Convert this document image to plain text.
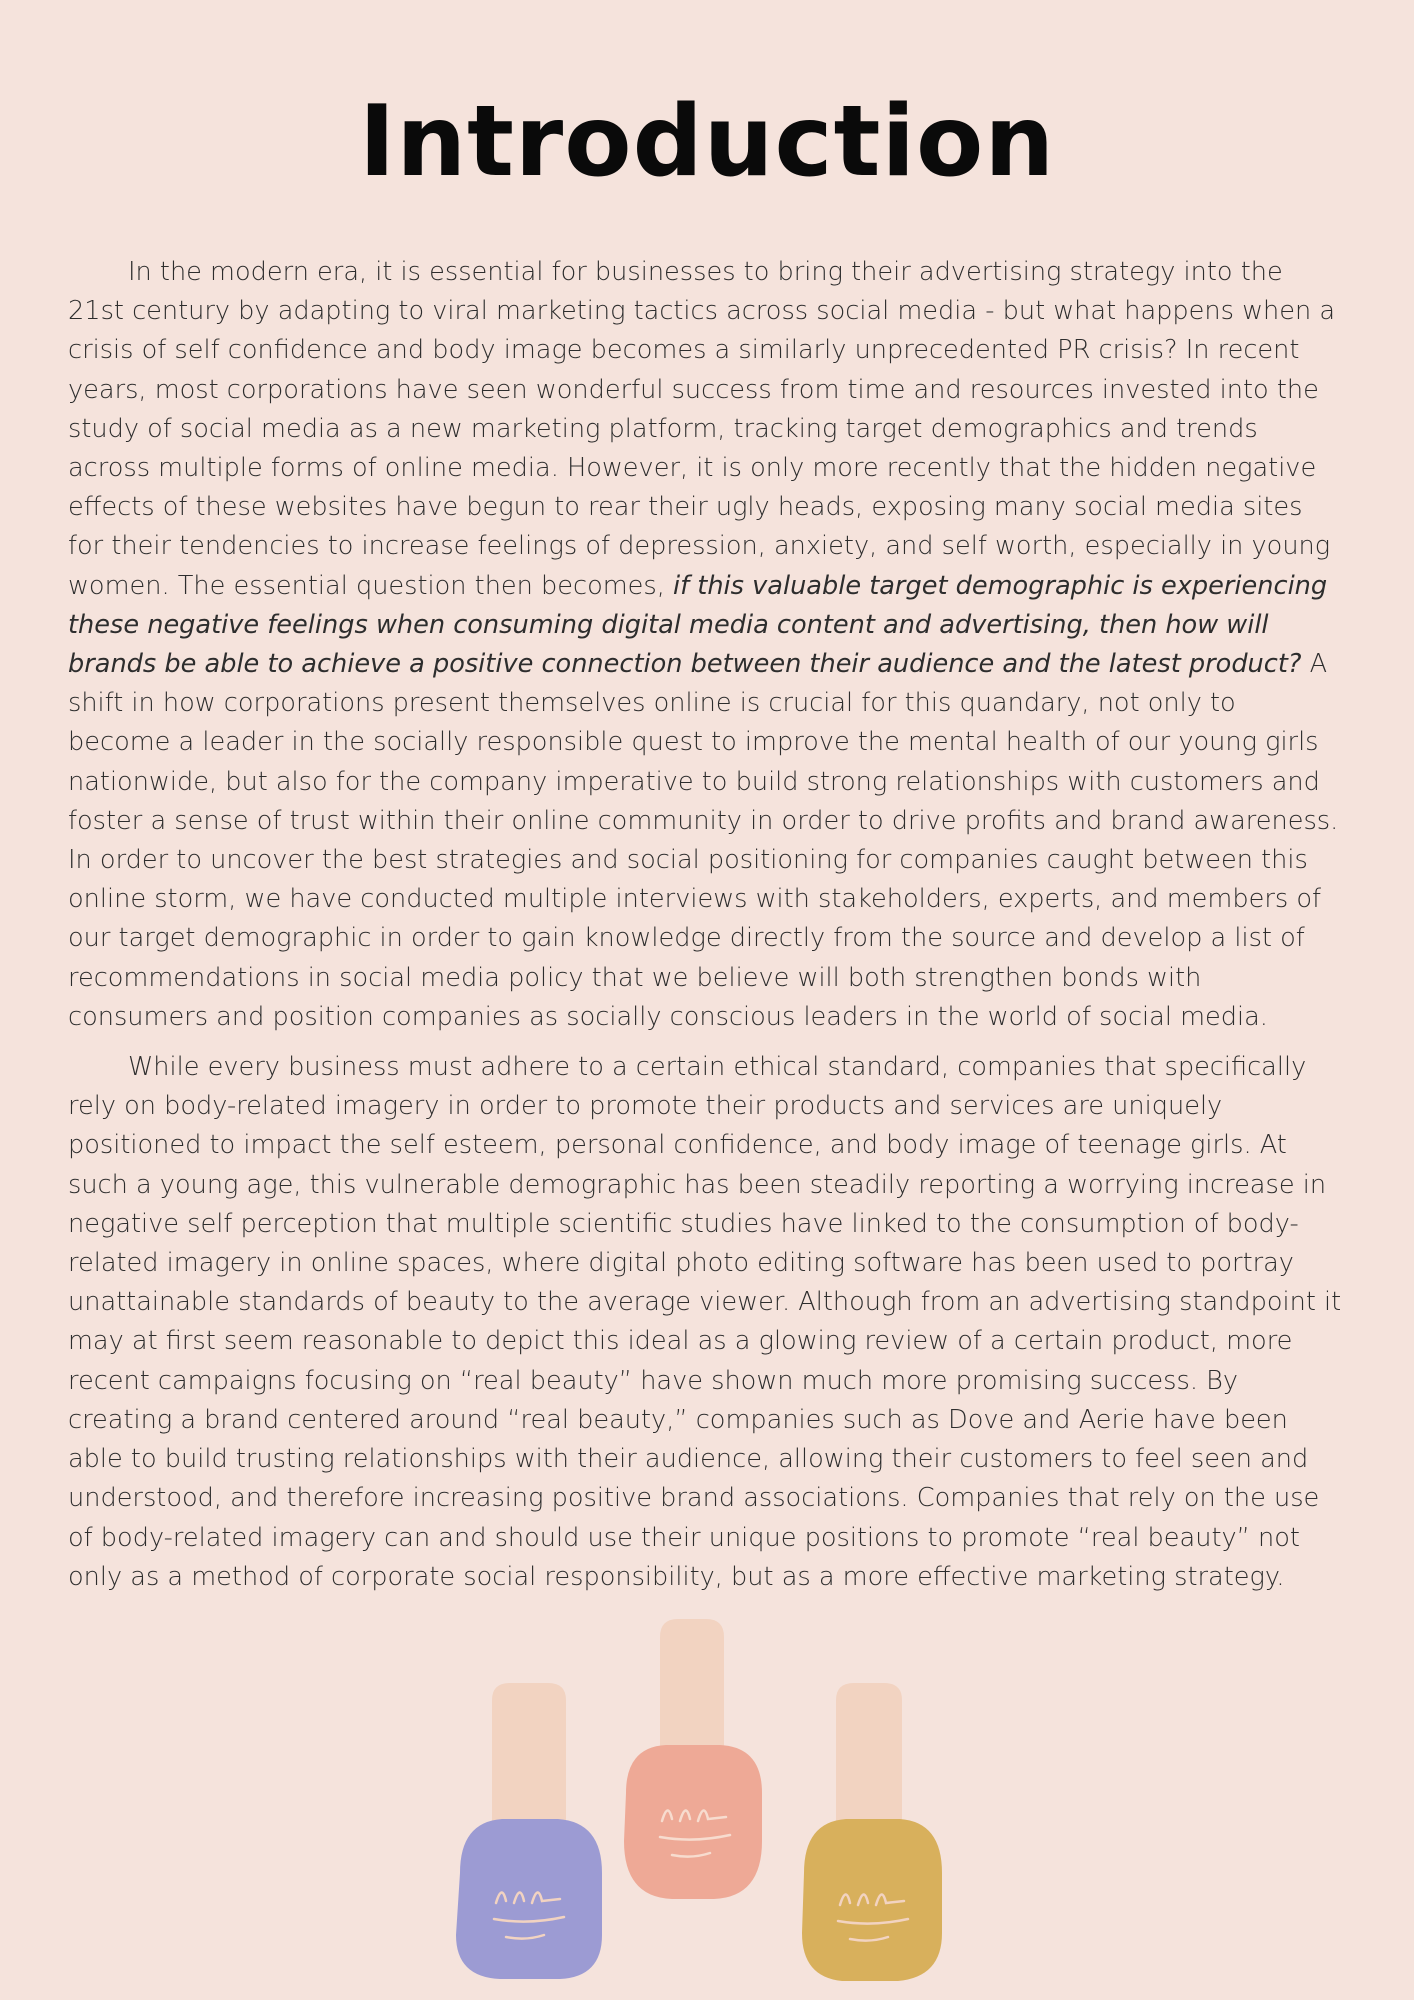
Introduction

In the modern era, it is essential for businesses to bring their advertising strategy into the 21st century by adapting to viral marketing tactics across social media - but what happens when a crisis of self confidence and body image becomes a similarly unprecedented PR crisis? In recent years, most corporations have seen wonderful success from time and resources invested into the study of social media as a new marketing platform, tracking target demographics and trends across multiple forms of online media. However, it is only more recently that the hidden negative effects of these websites have begun to rear their ugly heads, exposing many social media sites for their tendencies to increase feelings of depression, anxiety, and self worth, especially in young women. The essential question then becomes, if this valuable target demographic is experiencing these negative feelings when consuming digital media content and advertising, then how will brands be able to achieve a positive connection between their audience and the latest product? A shift in how corporations present themselves online is crucial for this quandary, not only to become a leader in the socially responsible quest to improve the mental health of our young girls nationwide, but also for the company imperative to build strong relationships with customers and foster a sense of trust within their online community in order to drive profits and brand awareness. In order to uncover the best strategies and social positioning for companies caught between this online storm, we have conducted multiple interviews with stakeholders, experts, and members of our target demographic in order to gain knowledge directly from the source and develop a list of recommendations in social media policy that we believe will both strengthen bonds with consumers and position companies as socially conscious leaders in the world of social media.

While every business must adhere to a certain ethical standard, companies that specifically rely on body-related imagery in order to promote their products and services are uniquely positioned to impact the self esteem, personal confidence, and body image of teenage girls. At such a young age, this vulnerable demographic has been steadily reporting a worrying increase in negative self perception that multiple scientific studies have linked to the consumption of body-related imagery in online spaces, where digital photo editing software has been used to portray unattainable standards of beauty to the average viewer. Although from an advertising standpoint it may at first seem reasonable to depict this ideal as a glowing review of a certain product, more recent campaigns focusing on “real beauty” have shown much more promising success. By creating a brand centered around “real beauty,” companies such as Dove and Aerie have been able to build trusting relationships with their audience, allowing their customers to feel seen and understood, and therefore increasing positive brand associations. Companies that rely on the use of body-related imagery can and should use their unique positions to promote “real beauty” not only as a method of corporate social responsibility, but as a more effective marketing strategy.
